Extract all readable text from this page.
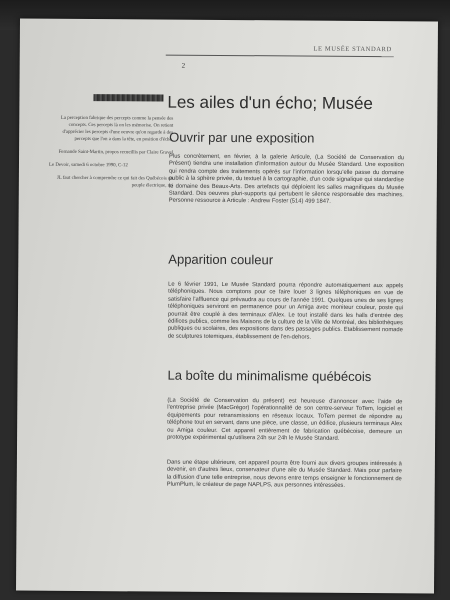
LE MUSÉE STANDARD
2

La perception fabrique des percepts comme la pensée des concepts. Ces percepts là on les mémorise. On retient d'apprécier les percepts d'une oeuvre qu'on regarde à des percepts que l'on a dans la tête, en position d'écho.

Fernande Saint-Martin, propos recueillis par Claire Gravel

Le Devoir, samedi 6 octobre 1990, C-12

JL faut chercher à comprendre ce qui fait des Québécois un peuple électrique, mi

Les ailes d'un écho; Musée
Ouvrir par une exposition
Plus concrètement, en février, à la galerie Articule, (La Société de Conservation du Présent) tiendra une installation d'information autour du Musée Standard. Une exposition qui rendra compte des traitements opérés sur l'information lorsqu'elle passe du domaine public à la sphère privée, du textuel à la cartographie, d'un code signalique qui standardise le domaine des Beaux-Arts. Des artefacts qui déploient les salles magnifiques du Musée Standard. Des oeuvres pluri-supports qui pertubent le silence responsable des machines. Personne ressource à Articule : Andrew Foster (514) 499 1847.
Apparition couleur
Le 6 février 1991, Le Musée Standard pourra répondre automatiquement aux appels téléphoniques. Nous comptons pour ce faire louer 3 lignes téléphoniques en vue de satisfaire l'affluence qui prévaudra au cours de l'année 1991. Quelques unes de ses lignes téléphoniques serviront en permanence pour un Amiga avec moniteur couleur, poste qui pourrait être couplé à des terminaux d'Alex. Le tout installé dans les halls d'entrée des édifices publics, comme les Maisons de la culture de la Ville de Montréal, des bibliothèques publiques ou scolaires, des expositions dans des passages publics. Etablissement nomade de sculptures totemiques, établissement de l'en-dehors.
La boîte du minimalisme québécois
(La Société de Conservation du présent) est heureuse d'annoncer avec l'aide de l'entreprise privée (MacGrégor) l'opérationnalité de son centre-serveur ToTem, logiciel et équipements pour retransmissions en réseaux locaux. ToTem permet de répondre au téléphone tout en servant, dans une pièce, une classe, un édifice, plusieurs terminaux Alex ou Amiga couleur. Cet appareil entièrement de fabrication québécoise, demeure un prototype expérimental qu'utilisera 24h sur 24h le Musée Standard.
Dans une étape ultérieure, cet appareil pourra être fourni aux divers groupes intéressés à devenir, en d'autres lieux, conservateur d'une aile du Musée Standard. Mais pour parfaire la diffusion d'une telle entreprise, nous devons entre temps enseigner le fonctionnement de PlumPlum, le créateur de page NAPLPS, aux personnes intéressées.
